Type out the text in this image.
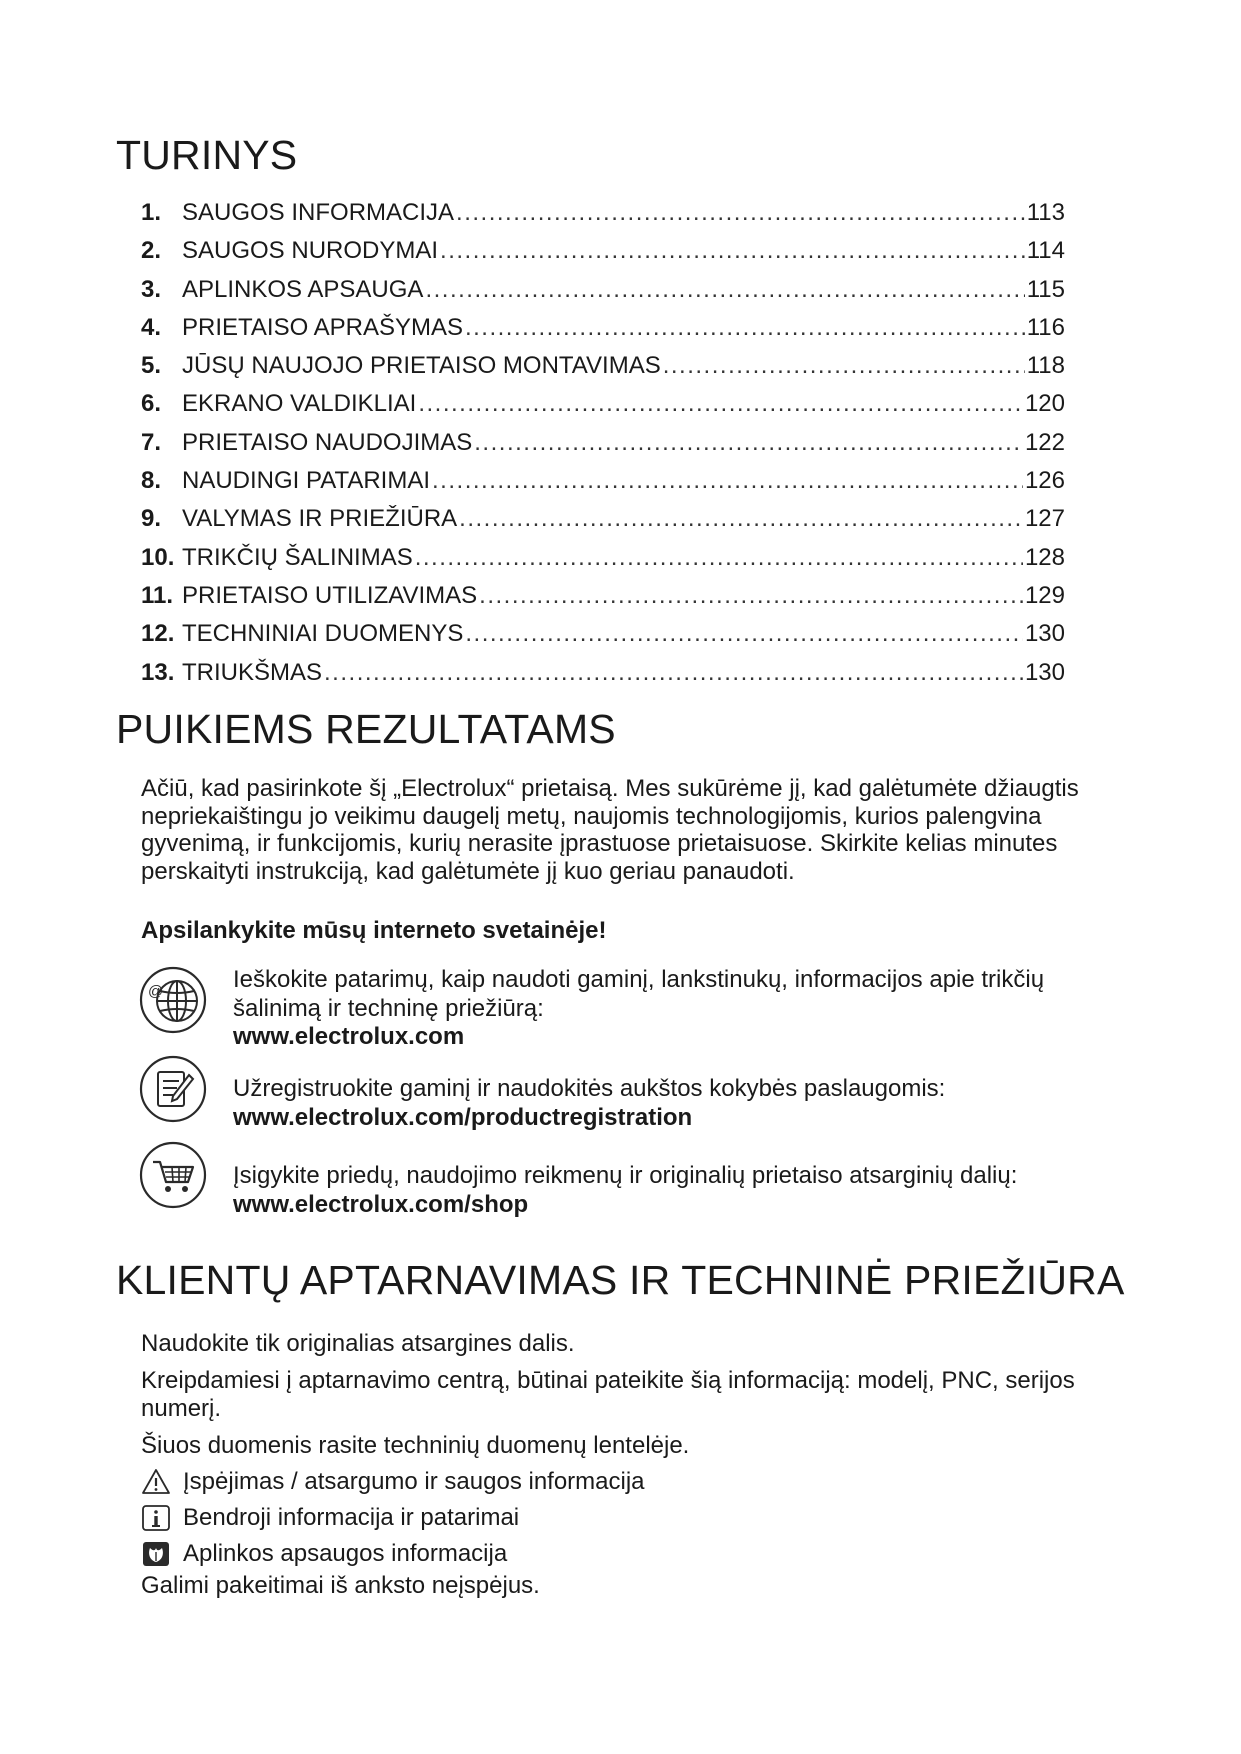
TURINYS
1. SAUGOS INFORMACIJA .....	113
2. SAUGOS NURODYMAI .....	114
3. APLINKOS APSAUGA .....	115
4. PRIETAISO APRAŠYMAS .....	116
5. JŪSŲ NAUJOJO PRIETAISO MONTAVIMAS .....	118
6. EKRANO VALDIKLIAI .....	120
7. PRIETAISO NAUDOJIMAS .....	122
8. NAUDINGI PATARIMAI .....	126
9. VALYMAS IR PRIEŽIŪRA .....	127
10. TRIKČIŲ ŠALINIMAS .....	128
11. PRIETAISO UTILIZAVIMAS .....	129
12. TECHNINIAI DUOMENYS .....	130
13. TRIUKŠMAS .....	130
PUIKIEMS REZULTATAMS

Ačiū, kad pasirinkote šį „Electrolux“ prietaisą. Mes sukūrėme jį, kad galėtumėte džiaugtis nepriekaištingu jo veikimu daugelį metų, naujomis technologijomis, kurios palengvina gyvenimą, ir funkcijomis, kurių nerasite įprastuose prietaisuose. Skirkite kelias minutes perskaityti instrukciją, kad galėtumėte jį kuo geriau panaudoti.

Apsilankykite mūsų interneto svetainėje!

@	Ieškokite patarimų, kaip naudoti gaminį, lankstinukų, informacijos apie trikčių šalinimą ir techninę priežiūrą:
www.electrolux.com
Užregistruokite gaminį ir naudokitės aukštos kokybės paslaugomis:
www.electrolux.com/productregistration
Įsigykite priedų, naudojimo reikmenų ir originalių prietaiso atsarginių dalių:
www.electrolux.com/shop
KLIENTŲ APTARNAVIMAS IR TECHNINĖ PRIEŽIŪRA

Naudokite tik originalias atsargines dalis.

Kreipdamiesi į aptarnavimo centrą, būtinai pateikite šią informaciją: modelį, PNC, serijos numerį.

Šiuos duomenis rasite techninių duomenų lentelėje.

Įspėjimas / atsargumo ir saugos informacija
Bendroji informacija ir patarimai
Aplinkos apsaugos informacija

Galimi pakeitimai iš anksto neįspėjus.
